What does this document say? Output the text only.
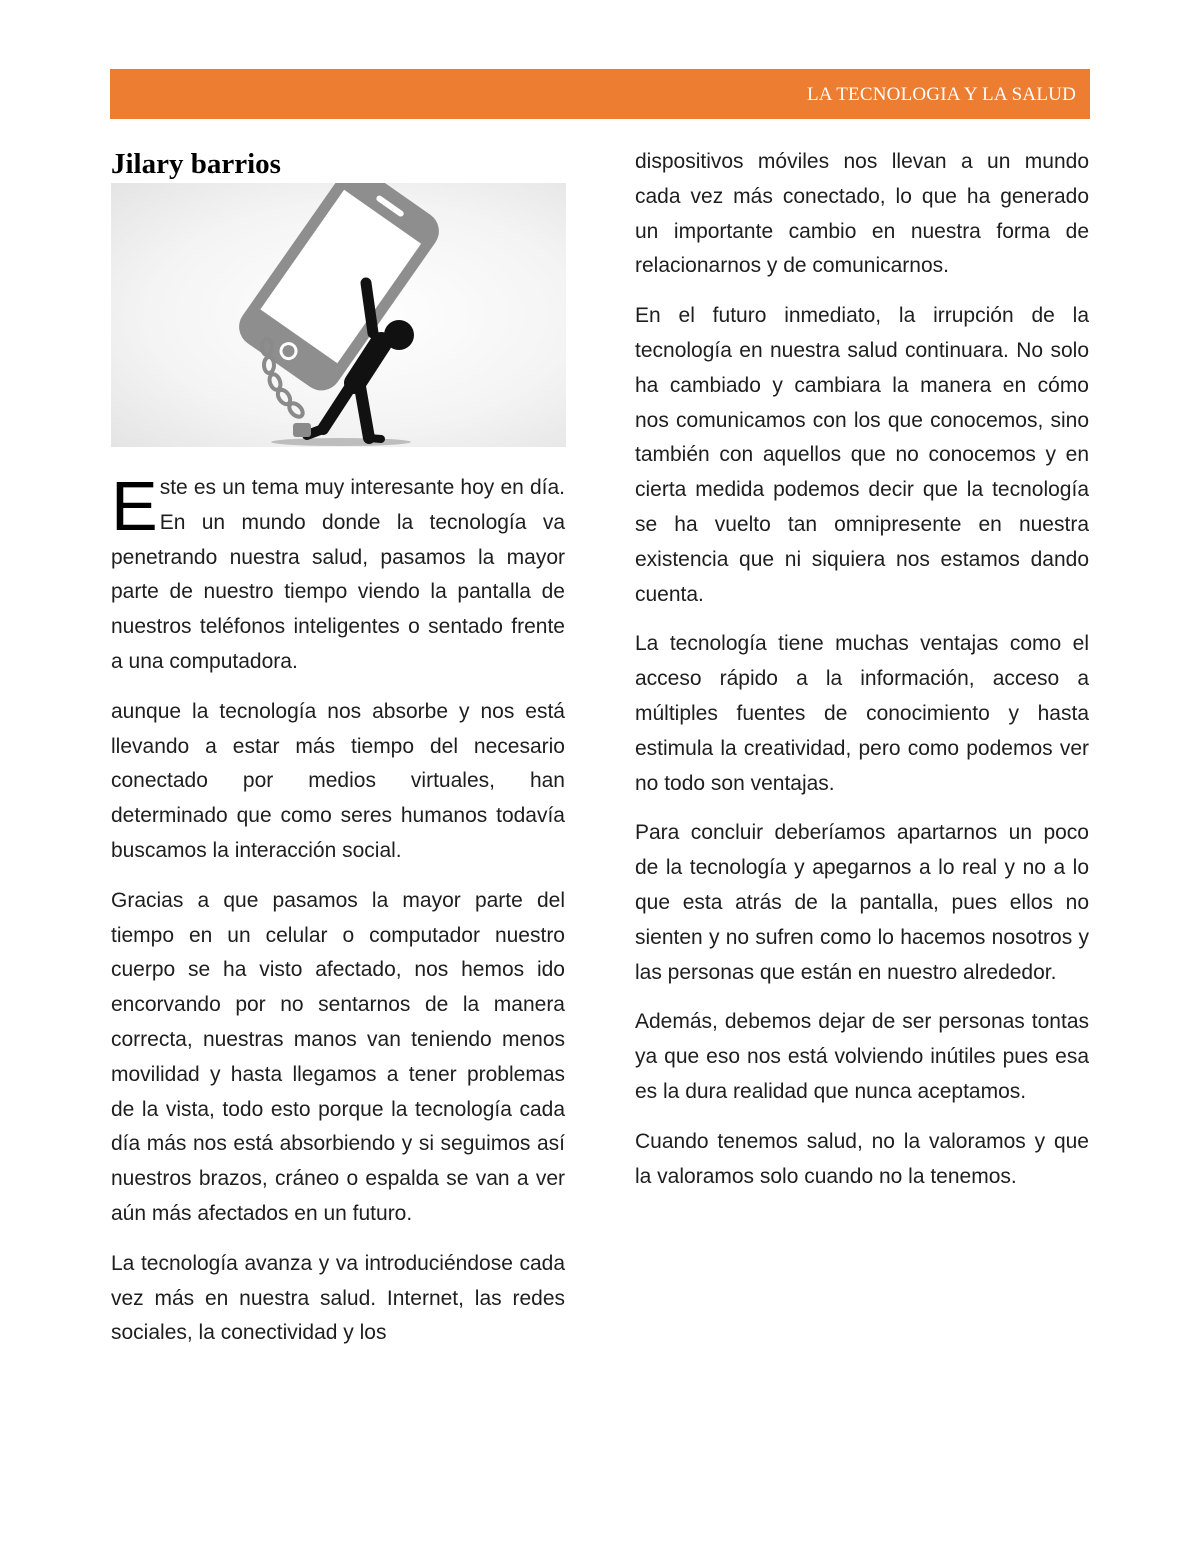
LA TECNOLOGIA Y LA SALUD
Jilary barrios

Este es un tema muy interesante hoy en día. En un mundo donde la tecnología va penetrando nuestra salud, pasamos la mayor parte de nuestro tiempo viendo la pantalla de nuestros teléfonos inteligentes o sentado frente a una computadora.

aunque la tecnología nos absorbe y nos está llevando a estar más tiempo del necesario conectado por medios virtuales, han determinado que como seres humanos todavía buscamos la interacción social.

Gracias a que pasamos la mayor parte del tiempo en un celular o computador nuestro cuerpo se ha visto afectado, nos hemos ido encorvando por no sentarnos de la manera correcta, nuestras manos van teniendo menos movilidad y hasta llegamos a tener problemas de la vista, todo esto porque la tecnología cada día más nos está absorbiendo y si seguimos así nuestros brazos, cráneo o espalda se van a ver aún más afectados en un futuro.

La tecnología avanza y va introduciéndose cada vez más en nuestra salud. Internet, las redes sociales, la conectividad y los

dispositivos móviles nos llevan a un mundo cada vez más conectado, lo que ha generado un importante cambio en nuestra forma de relacionarnos y de comunicarnos.

En el futuro inmediato, la irrupción de la tecnología en nuestra salud continuara. No solo ha cambiado y cambiara la manera en cómo nos comunicamos con los que conocemos, sino también con aquellos que no conocemos y en cierta medida podemos decir que la tecnología se ha vuelto tan omnipresente en nuestra existencia que ni siquiera nos estamos dando cuenta.

La tecnología tiene muchas ventajas como el acceso rápido a la información, acceso a múltiples fuentes de conocimiento y hasta estimula la creatividad, pero como podemos ver no todo son ventajas.

Para concluir deberíamos apartarnos un poco de la tecnología y apegarnos a lo real y no a lo que esta atrás de la pantalla, pues ellos no sienten y no sufren como lo hacemos nosotros y las personas que están en nuestro alrededor.

Además, debemos dejar de ser personas tontas ya que eso nos está volviendo inútiles pues esa es la dura realidad que nunca aceptamos.

Cuando tenemos salud, no la valoramos y que la valoramos solo cuando no la tenemos.
